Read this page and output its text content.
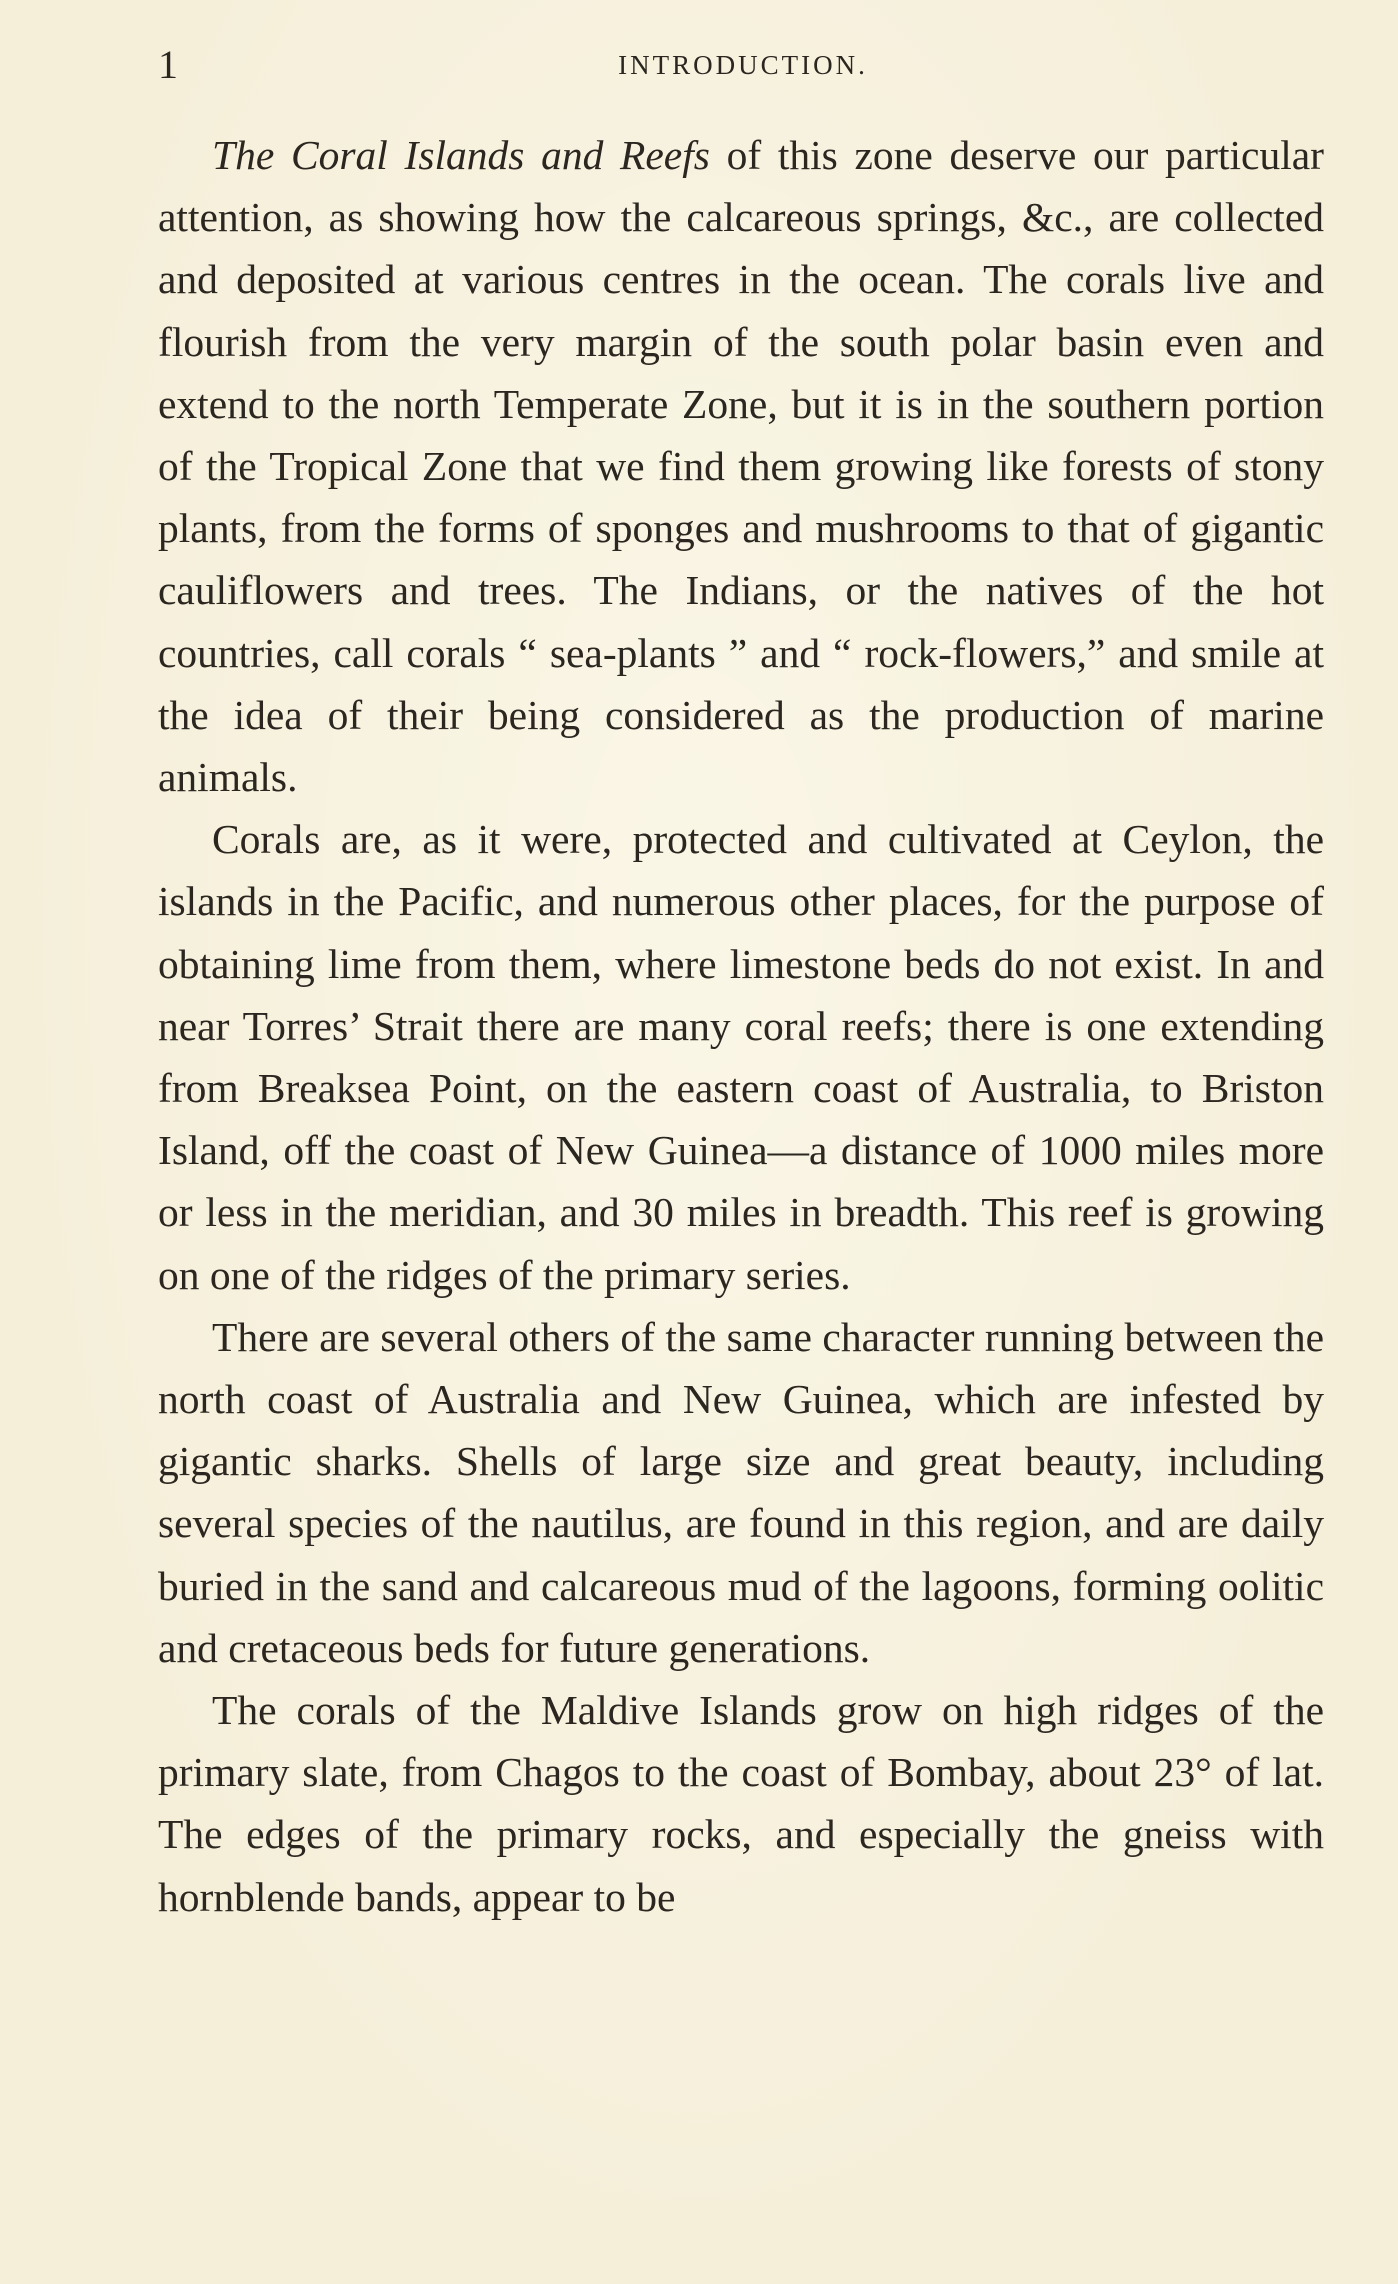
1	INTRODUCTION.

The Coral Islands and Reefs of this zone deserve our particular attention, as showing how the calcareous springs, &c., are collected and deposited at various centres in the ocean. The corals live and flourish from the very margin of the south polar basin even and extend to the north Temperate Zone, but it is in the southern portion of the Tropical Zone that we find them growing like forests of stony plants, from the forms of sponges and mushrooms to that of gigantic cauliflowers and trees. The Indians, or the natives of the hot countries, call corals “ sea-plants ” and “ rock-flowers,” and smile at the idea of their being considered as the production of marine animals.

Corals are, as it were, protected and cultivated at Ceylon, the islands in the Pacific, and numerous other places, for the purpose of obtaining lime from them, where limestone beds do not exist. In and near Torres’ Strait there are many coral reefs; there is one extending from Breaksea Point, on the eastern coast of Australia, to Briston Island, off the coast of New Guinea—a distance of 1000 miles more or less in the meridian, and 30 miles in breadth. This reef is growing on one of the ridges of the primary series.

There are several others of the same character running between the north coast of Australia and New Guinea, which are infested by gigantic sharks. Shells of large size and great beauty, including several species of the nautilus, are found in this region, and are daily buried in the sand and calcareous mud of the lagoons, forming oolitic and cretaceous beds for future generations.

The corals of the Maldive Islands grow on high ridges of the primary slate, from Chagos to the coast of Bombay, about 23° of lat. The edges of the primary rocks, and especially the gneiss with hornblende bands, appear to be
